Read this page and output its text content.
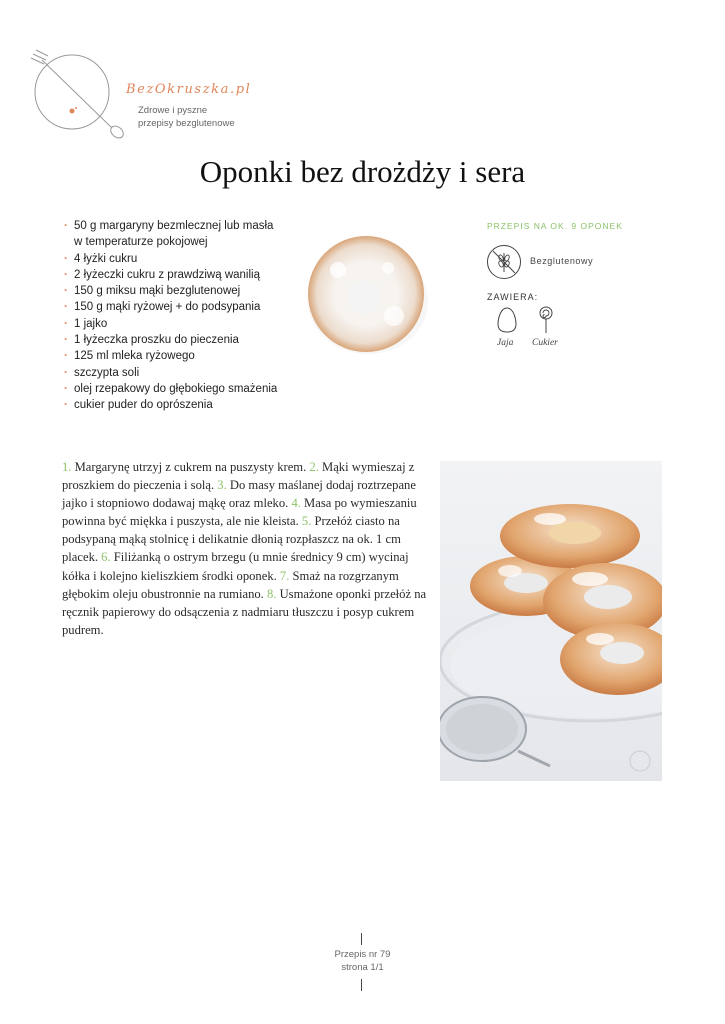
BezOkruszka.pl
Zdrowe i pyszne
przepisy bezglutenowe
Oponki bez drożdży i sera
· 50 g margaryny bezmlecznej lub masła
w temperaturze pokojowej
· 4 łyżki cukru
· 2 łyżeczki cukru z prawdziwą wanilią
· 150 g miksu mąki bezglutenowej
· 150 g mąki ryżowej + do podsypania
· 1 jajko
· 1 łyżeczka proszku do pieczenia
· 125 ml mleka ryżowego
· szczypta soli
· olej rzepakowy do głębokiego smażenia
· cukier puder do oprószenia
PRZEPIS NA OK. 9 OPONEK
Bezglutenowy
ZAWIERA:
Jaja Cukier
1. Margarynę utrzyj z cukrem na puszysty krem. 2. Mąki wymieszaj z proszkiem do pieczenia i solą. 3. Do masy maślanej dodaj roztrzepane jajko i stopniowo dodawaj mąkę oraz mleko. 4. Masa po wymieszaniu powinna być miękka i puszysta, ale nie kleista. 5. Przełóż ciasto na podsypaną mąką stolnicę i delikatnie dłonią rozpłaszcz na ok. 1 cm placek. 6. Filiżanką o ostrym brzegu (u mnie średnicy 9 cm) wycinaj kółka i kolejno kieliszkiem środki oponek. 7. Smaż na rozgrzanym głębokim oleju obustronnie na rumiano. 8. Usmażone oponki przełóż na ręcznik papierowy do odsączenia z nadmiaru tłuszczu i posyp cukrem pudrem.
Przepis nr 79
strona 1/1
